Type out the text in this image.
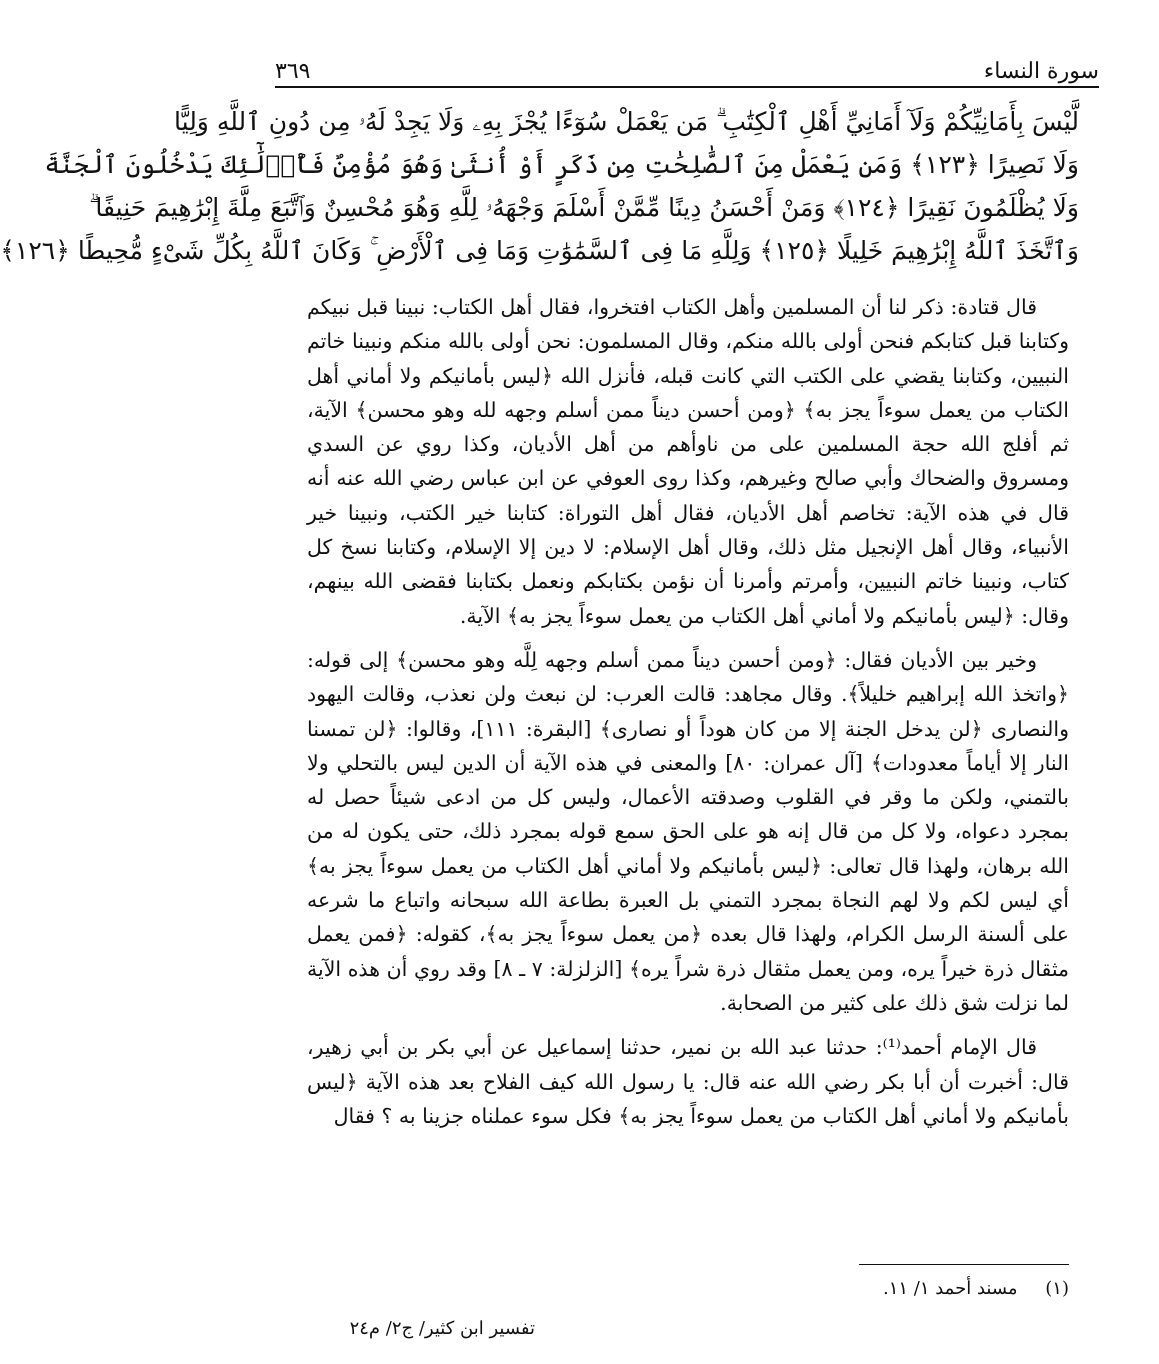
سورة النساء
٣٦٩
لَّيْسَ بِأَمَانِيِّكُمْ وَلَآ أَمَانِيِّ أَهْلِ ٱلْكِتَٰبِ ۗ مَن يَعْمَلْ سُوٓءًا يُجْزَ بِهِۦ وَلَا يَجِدْ لَهُۥ مِن دُونِ ٱللَّهِ وَلِيًّا
وَلَا نَصِيرًا ﴿١٢٣﴾ وَمَن يَعْمَلْ مِنَ ٱلصَّٰلِحَٰتِ مِن ذَكَرٍ أَوْ أُنثَىٰ وَهُوَ مُؤْمِنٌ فَأُو۟لَٰٓئِكَ يَدْخُلُونَ ٱلْجَنَّةَ
وَلَا يُظْلَمُونَ نَقِيرًا ﴿١٢٤﴾ وَمَنْ أَحْسَنُ دِينًا مِّمَّنْ أَسْلَمَ وَجْهَهُۥ لِلَّهِ وَهُوَ مُحْسِنٌ وَٱتَّبَعَ مِلَّةَ إِبْرَٰهِيمَ حَنِيفًا ۗ
وَٱتَّخَذَ ٱللَّهُ إِبْرَٰهِيمَ خَلِيلًا ﴿١٢٥﴾ وَلِلَّهِ مَا فِى ٱلسَّمَٰوَٰتِ وَمَا فِى ٱلْأَرْضِ ۚ وَكَانَ ٱللَّهُ بِكُلِّ شَىْءٍ مُّحِيطًا ﴿١٢٦﴾

قال قتادة: ذكر لنا أن المسلمين وأهل الكتاب افتخروا، فقال أهل الكتاب: نبينا قبل نبيكم وكتابنا قبل كتابكم فنحن أولى بالله منكم، وقال المسلمون: نحن أولى بالله منكم ونبينا خاتم النبيين، وكتابنا يقضي على الكتب التي كانت قبله، فأنزل الله ﴿ليس بأمانيكم ولا أماني أهل الكتاب من يعمل سوءاً يجز به﴾ ﴿ومن أحسن ديناً ممن أسلم وجهه لله وهو محسن﴾ الآية، ثم أفلج الله حجة المسلمين على من ناوأهم من أهل الأديان، وكذا روي عن السدي ومسروق والضحاك وأبي صالح وغيرهم، وكذا روى العوفي عن ابن عباس رضي الله عنه أنه قال في هذه الآية: تخاصم أهل الأديان، فقال أهل التوراة: كتابنا خير الكتب، ونبينا خير الأنبياء، وقال أهل الإنجيل مثل ذلك، وقال أهل الإسلام: لا دين إلا الإسلام، وكتابنا نسخ كل كتاب، ونبينا خاتم النبيين، وأمرتم وأمرنا أن نؤمن بكتابكم ونعمل بكتابنا فقضى الله بينهم، وقال: ﴿ليس بأمانيكم ولا أماني أهل الكتاب من يعمل سوءاً يجز به﴾ الآية.

وخير بين الأديان فقال: ﴿ومن أحسن ديناً ممن أسلم وجهه لِلَّه وهو محسن﴾ إلى قوله: ﴿واتخذ الله إبراهيم خليلاً﴾. وقال مجاهد: قالت العرب: لن نبعث ولن نعذب، وقالت اليهود والنصارى ﴿لن يدخل الجنة إلا من كان هوداً أو نصارى﴾ [البقرة: ١١١]، وقالوا: ﴿لن تمسنا النار إلا أياماً معدودات﴾ [آل عمران: ٨٠] والمعنى في هذه الآية أن الدين ليس بالتحلي ولا بالتمني، ولكن ما وقر في القلوب وصدقته الأعمال، وليس كل من ادعى شيئاً حصل له بمجرد دعواه، ولا كل من قال إنه هو على الحق سمع قوله بمجرد ذلك، حتى يكون له من الله برهان، ولهذا قال تعالى: ﴿ليس بأمانيكم ولا أماني أهل الكتاب من يعمل سوءاً يجز به﴾ أي ليس لكم ولا لهم النجاة بمجرد التمني بل العبرة بطاعة الله سبحانه واتباع ما شرعه على ألسنة الرسل الكرام، ولهذا قال بعده ﴿من يعمل سوءاً يجز به﴾، كقوله: ﴿فمن يعمل مثقال ذرة خيراً يره، ومن يعمل مثقال ذرة شراً يره﴾ [الزلزلة: ٧ ـ ٨] وقد روي أن هذه الآية لما نزلت شق ذلك على كثير من الصحابة.

قال الإمام أحمد⁽¹⁾: حدثنا عبد الله بن نمير، حدثنا إسماعيل عن أبي بكر بن أبي زهير، قال: أخبرت أن أبا بكر رضي الله عنه قال: يا رسول الله كيف الفلاح بعد هذه الآية ﴿ليس بأمانيكم ولا أماني أهل الكتاب من يعمل سوءاً يجز به﴾ فكل سوء عملناه جزينا به ؟ فقال

(١) مسند أحمد ١/ ١١.
تفسير ابن كثير/ ج٢/ م٢٤
